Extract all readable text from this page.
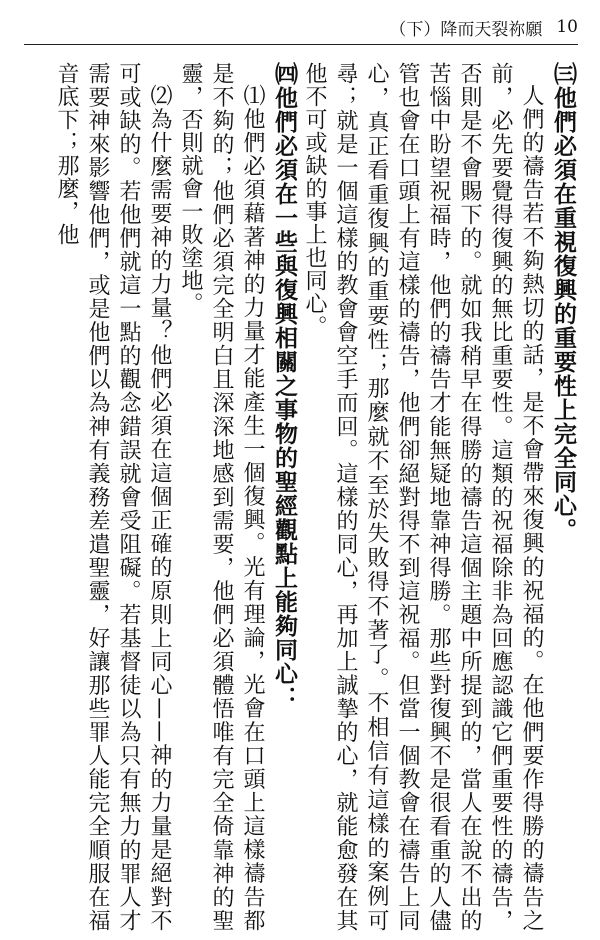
（下）降而天裂祢願 10

㈢他們必須在重視復興的重要性上完全同心。

人們的禱告若不夠熱切的話，是不會帶來復興的祝福的。在他們要作得勝的禱告之前，必先要覺得復興的無比重要性。這類的祝福除非為回應認識它們重要性的禱告，否則是不會賜下的。就如我稍早在得勝的禱告這個主題中所提到的，當人在說不出的苦惱中盼望祝福時，他們的禱告才能無疑地靠神得勝。那些對復興不是很看重的人儘管也會在口頭上有這樣的禱告，他們卻絕對得不到這祝福。但當一個教會在禱告上同心，真正看重復興的重要性；那麼就不至於失敗得不著了。不相信有這樣的案例可尋；就是一個這樣的教會會空手而回。這樣的同心，再加上誠摯的心，就能愈發在其他不可或缺的事上也同心。

㈣他們必須在一些與復興相關之事物的聖經觀點上能夠同心：

⑴他們必須藉著神的力量才能產生一個復興。光有理論，光會在口頭上這樣禱告都是不夠的；他們必須完全明白且深深地感到需要，他們必須體悟唯有完全倚靠神的聖靈，否則就會一敗塗地。

⑵為什麼需要神的力量？他們必須在這個正確的原則上同心——神的力量是絕對不可或缺的。若他們就這一點的觀念錯誤就會受阻礙。若基督徒以為只有無力的罪人才需要神來影響他們，或是他們以為神有義務差遣聖靈，好讓那些罪人能完全順服在福音底下；那麼，他
